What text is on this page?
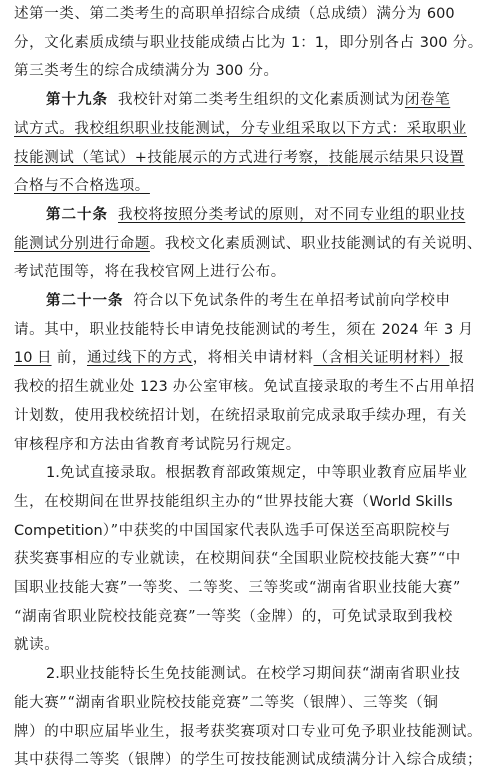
述第一类、第二类考生的高职单招综合成绩（总成绩）满分为 600
分，文化素质成绩与职业技能成绩占比为 1：1，即分别各占 300 分。
第三类考生的综合成绩满分为 300 分。
第十九条 我校针对第二类考生组织的文化素质测试为闭卷笔
试方式。我校组织职业技能测试，分专业组采取以下方式：采取职业
技能测试（笔试）+技能展示的方式进行考察，技能展示结果只设置
合格与不合格选项。
第二十条 我校将按照分类考试的原则，对不同专业组的职业技
能测试分别进行命题。我校文化素质测试、职业技能测试的有关说明、
考试范围等，将在我校官网上进行公布。
第二十一条 符合以下免试条件的考生在单招考试前向学校申
请。其中，职业技能特长申请免技能测试的考生，须在 2024 年 3 月
10 日 前，通过线下的方式，将相关申请材料（含相关证明材料）报
我校的招生就业处 123 办公室审核。免试直接录取的考生不占用单招
计划数，使用我校统招计划，在统招录取前完成录取手续办理，有关
审核程序和方法由省教育考试院另行规定。
1.免试直接录取。根据教育部政策规定，中等职业教育应届毕业
生，在校期间在世界技能组织主办的“世界技能大赛（World Skills
Competition）”中获奖的中国国家代表队选手可保送至高职院校与
获奖赛事相应的专业就读，在校期间获“全国职业院校技能大赛”“中
国职业技能大赛”一等奖、二等奖、三等奖或“湖南省职业技能大赛”
“湖南省职业院校技能竞赛”一等奖（金牌）的，可免试录取到我校
就读。
2.职业技能特长生免技能测试。在校学习期间获“湖南省职业技
能大赛”“湖南省职业院校技能竞赛”二等奖（银牌）、三等奖（铜
牌）的中职应届毕业生，报考获奖赛项对口专业可免予职业技能测试。
其中获得二等奖（银牌）的学生可按技能测试成绩满分计入综合成绩；
